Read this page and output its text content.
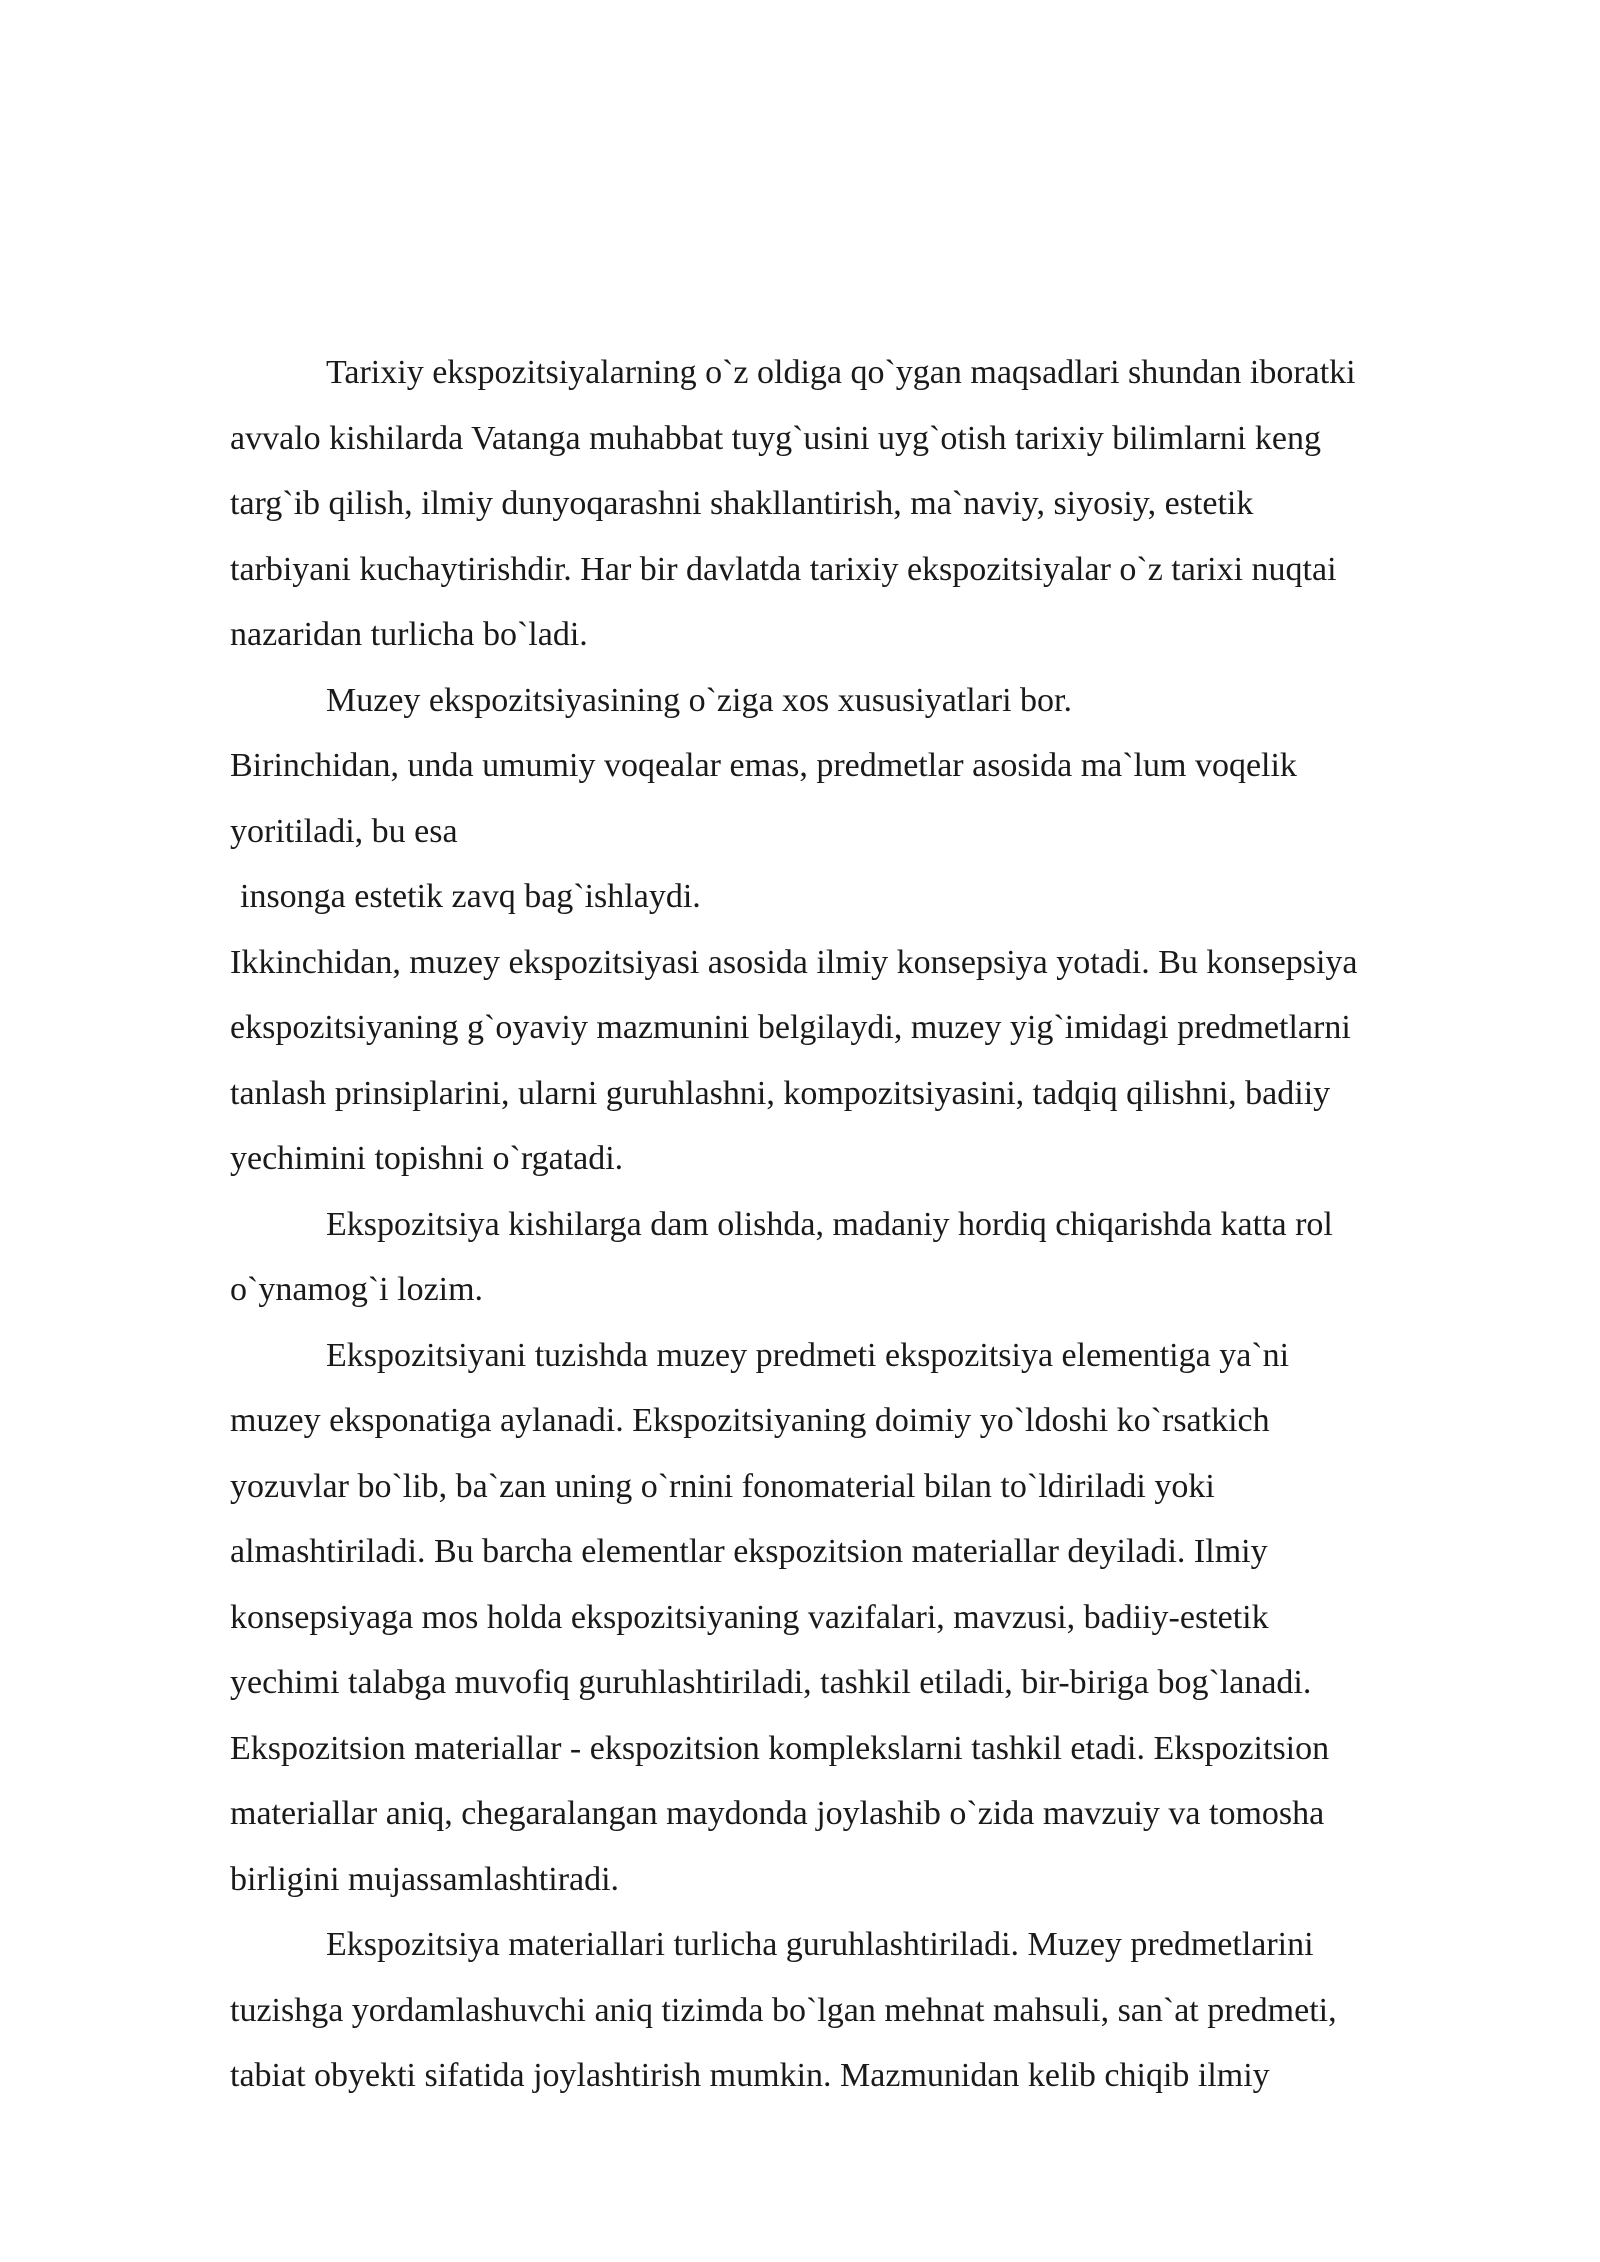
Tarixiy ekspozitsiyalarning o`z oldiga qo`ygan maqsadlari shundan iboratki

avvalo kishilarda Vatanga muhabbat tuyg`usini uyg`otish tarixiy bilimlarni keng

targ`ib qilish, ilmiy dunyoqarashni shakllantirish, ma`naviy, siyosiy, estetik

tarbiyani kuchaytirishdir. Har bir davlatda tarixiy ekspozitsiyalar o`z tarixi nuqtai

nazaridan turlicha bo`ladi.

Muzey ekspozitsiyasining o`ziga xos xususiyatlari bor.

Birinchidan, unda umumiy voqealar emas, predmetlar asosida ma`lum voqelik

yoritiladi, bu esa

insonga estetik zavq bag`ishlaydi.

Ikkinchidan, muzey ekspozitsiyasi asosida ilmiy konsepsiya yotadi. Bu konsepsiya

ekspozitsiyaning g`oyaviy mazmunini belgilaydi, muzey yig`imidagi predmetlarni

tanlash prinsiplarini, ularni guruhlashni, kompozitsiyasini, tadqiq qilishni, badiiy

yechimini topishni o`rgatadi.

Ekspozitsiya kishilarga dam olishda, madaniy hordiq chiqarishda katta rol

o`ynamog`i lozim.

Ekspozitsiyani tuzishda muzey predmeti ekspozitsiya elementiga ya`ni

muzey eksponatiga aylanadi. Ekspozitsiyaning doimiy yo`ldoshi ko`rsatkich

yozuvlar bo`lib, ba`zan uning o`rnini fonomaterial bilan to`ldiriladi yoki

almashtiriladi. Bu barcha elementlar ekspozitsion materiallar deyiladi. Ilmiy

konsepsiyaga mos holda ekspozitsiyaning vazifalari, mavzusi, badiiy-estetik

yechimi talabga muvofiq guruhlashtiriladi, tashkil etiladi, bir-biriga bog`lanadi.

Ekspozitsion materiallar - ekspozitsion komplekslarni tashkil etadi. Ekspozitsion

materiallar aniq, chegaralangan maydonda joylashib o`zida mavzuiy va tomosha

birligini mujassamlashtiradi.

Ekspozitsiya materiallari turlicha guruhlashtiriladi. Muzey predmetlarini

tuzishga yordamlashuvchi aniq tizimda bo`lgan mehnat mahsuli, san`at predmeti,

tabiat obyekti sifatida joylashtirish mumkin. Mazmunidan kelib chiqib ilmiy
